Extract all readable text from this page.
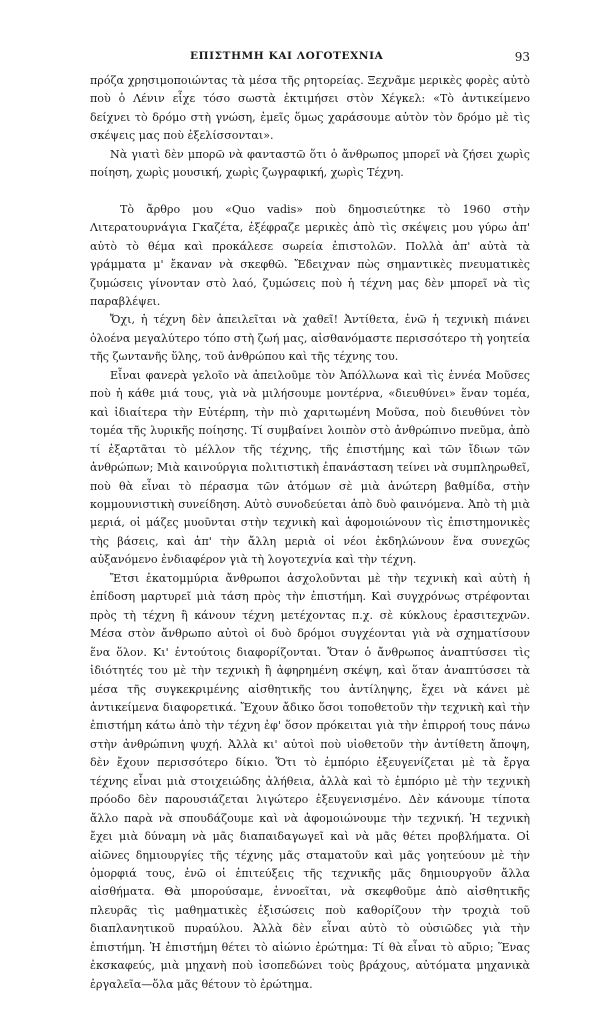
ΕΠΙΣΤΗΜΗ ΚΑΙ ΛΟΓΟΤΕΧΝΙΑ	93

πρόζα χρησιμοποιώντας τὰ μέσα τῆς ρητορείας. Ξεχνᾶμε μερικὲς φορὲς αὐτὸ ποὺ ὁ Λένιν εἶχε τόσο σωστὰ ἐκτιμήσει στὸν Χέγκελ: «Τὸ ἀντικείμενο δείχνει τὸ δρόμο στὴ γνώση, ἐμεῖς ὅμως χαράσουμε αὐτὸν τὸν δρόμο μὲ τὶς σκέψεις μας ποὺ ἐξελίσσονται».

Νὰ γιατὶ δὲν μπορῶ νὰ φανταστῶ ὅτι ὁ ἄνθρωπος μπορεῖ νὰ ζήσει χωρὶς ποίηση, χωρὶς μουσική, χωρὶς ζωγραφική, χωρὶς Τέχνη.

Τὸ ἄρθρο μου «Quo vadis» ποὺ δημοσιεύτηκε τὸ 1960 στὴν Λιτερατουρνάγια Γκαζέτα, ἐξέφραζε μερικὲς ἀπὸ τὶς σκέψεις μου γύρω ἀπ' αὐτὸ τὸ θέμα καὶ προκάλεσε σωρεία ἐπιστολῶν. Πολλὰ ἀπ' αὐτὰ τὰ γράμματα μ' ἔκαναν νὰ σκεφθῶ. Ἔδειχναν πὼς σημαντικὲς πνευματικὲς ζυμώσεις γίνονταν στὸ λαό, ζυμώσεις ποὺ ἡ τέχνη μας δὲν μπορεῖ νὰ τὶς παραβλέψει.

Ὄχι, ἡ τέχνη δὲν ἀπειλεῖται νὰ χαθεῖ! Ἀντίθετα, ἐνῶ ἡ τεχνικὴ πιάνει ὁλοένα μεγαλύτερο τόπο στὴ ζωή μας, αἰσθανόμαστε περισσότερο τὴ γοητεία τῆς ζωντανῆς ὕλης, τοῦ ἀνθρώπου καὶ τῆς τέχνης του.

Εἶναι φανερὰ γελοῖο νὰ ἀπειλοῦμε τὸν Ἀπόλλωνα καὶ τὶς ἐννέα Μοῦσες ποὺ ἡ κάθε μιά τους, γιὰ νὰ μιλήσουμε μοντέρνα, «διευθύνει» ἕναν τομέα, καὶ ἰδιαίτερα τὴν Εὐτέρπη, τὴν πιὸ χαριτωμένη Μοῦσα, ποὺ διευθύνει τὸν τομέα τῆς λυρικῆς ποίησης. Τί συμβαίνει λοιπὸν στὸ ἀνθρώπινο πνεῦμα, ἀπὸ τί ἐξαρτᾶται τὸ μέλλον τῆς τέχνης, τῆς ἐπιστήμης καὶ τῶν ἴδιων τῶν ἀνθρώπων; Μιὰ καινούργια πολιτιστικὴ ἐπανάσταση τείνει νὰ συμπληρωθεῖ, ποὺ θὰ εἶναι τὸ πέρασμα τῶν ἀτόμων σὲ μιὰ ἀνώτερη βαθμίδα, στὴν κομμουνιστικὴ συνείδηση. Αὐτὸ συνοδεύεται ἀπὸ δυὸ φαινόμενα. Ἀπὸ τὴ μιὰ μεριά, οἱ μάζες μυοῦνται στὴν τεχνικὴ καὶ ἀφομοιώνουν τὶς ἐπιστημονικὲς τὴς βάσεις, καὶ ἀπ' τὴν ἄλλη μεριὰ οἱ νέοι ἐκδηλώνουν ἕνα συνεχῶς αὐξανόμενο ἐνδιαφέρον γιὰ τὴ λογοτεχνία καὶ τὴν τέχνη.

Ἔτσι ἑκατομμύρια ἄνθρωποι ἀσχολοῦνται μὲ τὴν τεχνικὴ καὶ αὐτὴ ἡ ἐπίδοση μαρτυρεῖ μιὰ τάση πρὸς τὴν ἐπιστήμη. Καὶ συγχρόνως στρέφονται πρὸς τὴ τέχνη ἢ κάνουν τέχνη μετέχοντας π.χ. σὲ κύκλους ἐρασιτεχνῶν. Μέσα στὸν ἄνθρωπο αὐτοὶ οἱ δυὸ δρόμοι συγχέονται γιὰ νὰ σχηματίσουν ἕνα ὅλον. Κι' ἐντούτοις διαφορίζονται. Ὅταν ὁ ἄνθρωπος ἀναπτύσσει τὶς ἰδιότητές του μὲ τὴν τεχνικὴ ἢ ἀφηρημένη σκέψη, καὶ ὅταν ἀναπτύσσει τὰ μέσα τῆς συγκεκριμένης αἰσθητικῆς του ἀντίληψης, ἔχει νὰ κάνει μὲ ἀντικείμενα διαφορετικά. Ἔχουν ἄδικο ὅσοι τοποθετοῦν τὴν τεχνικὴ καὶ τὴν ἐπιστήμη κάτω ἀπὸ τὴν τέχνη ἐφ' ὅσον πρόκειται γιὰ τὴν ἐπιρροή τους πάνω στὴν ἀνθρώπινη ψυχή. Ἀλλὰ κι' αὐτοὶ ποὺ υἱοθετοῦν τὴν ἀντίθετη ἄποψη, δὲν ἔχουν περισσότερο δίκιο. Ὅτι τὸ ἐμπόριο ἐξευγενίζεται μὲ τὰ ἔργα τέχνης εἶναι μιὰ στοιχειώδης ἀλήθεια, ἀλλὰ καὶ τὸ ἐμπόριο μὲ τὴν τεχνικὴ πρόοδο δὲν παρουσιάζεται λιγώτερο ἐξευγενισμένο. Δὲν κάνουμε τίποτα ἄλλο παρὰ νὰ σπουδάζουμε καὶ νὰ ἀφομοιώνουμε τὴν τεχνική. Ἡ τεχνικὴ ἔχει μιὰ δύναμη νὰ μᾶς διαπαιδαγωγεῖ καὶ νὰ μᾶς θέτει προβλήματα. Οἱ αἰῶνες δημιουργίες τῆς τέχνης μᾶς σταματοῦν καὶ μᾶς γοητεύουν μὲ τὴν ὁμορφιά τους, ἐνῶ οἱ ἐπιτεύξεις τῆς τεχνικῆς μᾶς δημιουργοῦν ἄλλα αἰσθήματα. Θὰ μπορούσαμε, ἐννοεῖται, νὰ σκεφθοῦμε ἀπὸ αἰσθητικῆς πλευρᾶς τὶς μαθηματικὲς ἐξισώσεις ποὺ καθορίζουν τὴν τροχιὰ τοῦ διαπλανητικοῦ πυραύλου. Ἀλλὰ δὲν εἶναι αὐτὸ τὸ οὐσιῶδες γιὰ τὴν ἐπιστήμη. Ἡ ἐπιστήμη θέτει τὸ αἰώνιο ἐρώτημα: Τί θὰ εἶναι τὸ αὔριο; Ἕνας ἐκσκαφεύς, μιὰ μηχανὴ ποὺ ἰσοπεδώνει τοὺς βράχους, αὐτόματα μηχανικὰ ἐργαλεῖα—ὅλα μᾶς θέτουν τὸ ἐρώτημα.
